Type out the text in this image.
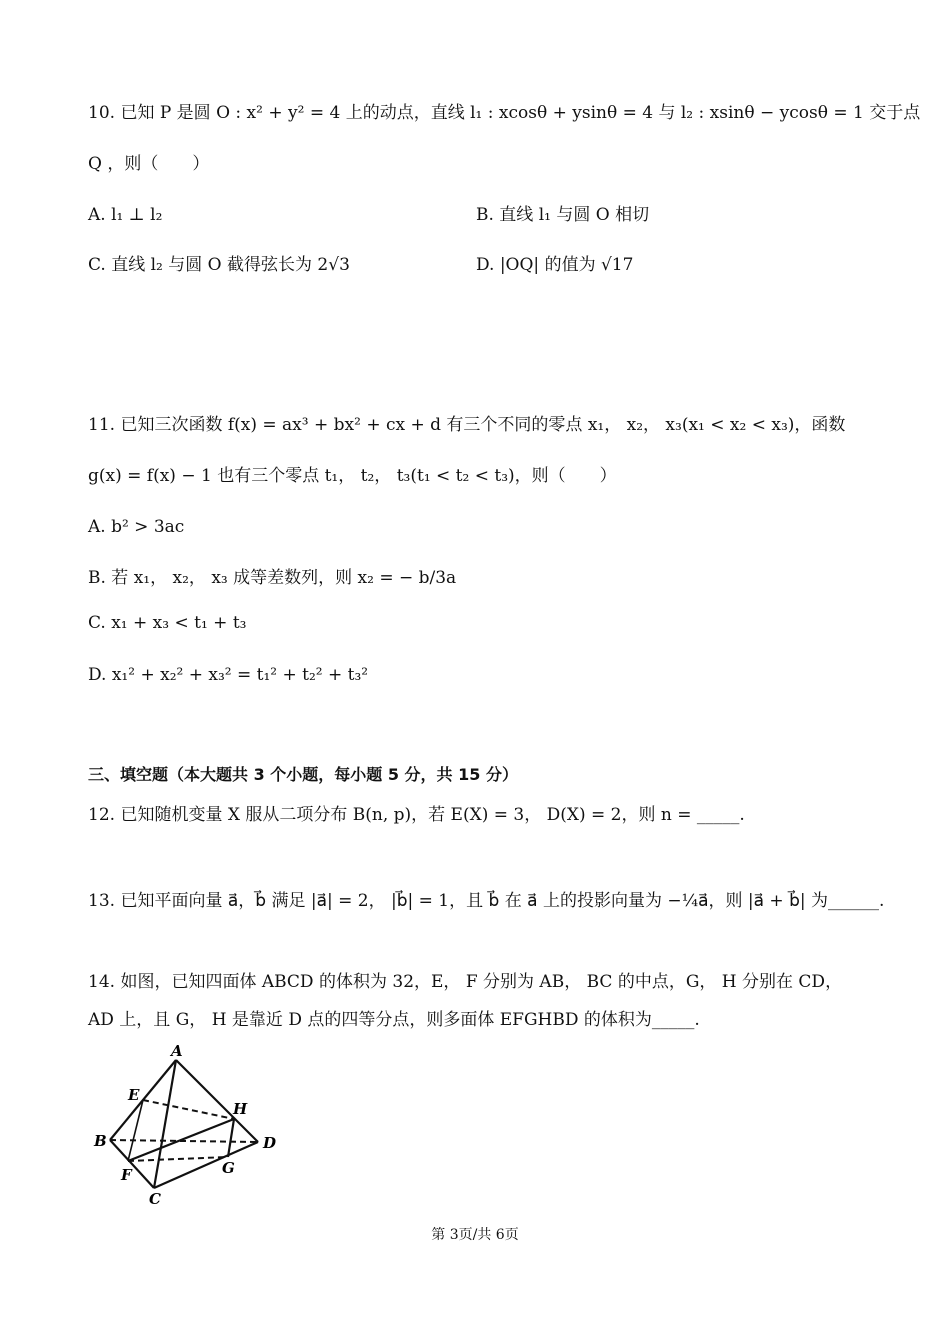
10. 已知 P 是圆 O : x² + y² = 4 上的动点，直线 l₁ : xcosθ + ysinθ = 4 与 l₂ : xsinθ − ycosθ = 1 交于点
Q ，则（　　）
A. l₁ ⊥ l₂	B. 直线 l₁ 与圆 O 相切
C. 直线 l₂ 与圆 O 截得弦长为 2√3	D. |OQ| 的值为 √17
11. 已知三次函数 f(x) = ax³ + bx² + cx + d 有三个不同的零点 x₁， x₂， x₃(x₁ < x₂ < x₃)，函数
g(x) = f(x) − 1 也有三个零点 t₁， t₂， t₃(t₁ < t₂ < t₃)，则（　　）
A. b² > 3ac
B. 若 x₁， x₂， x₃ 成等差数列，则 x₂ = − b/3a
C. x₁ + x₃ < t₁ + t₃
D. x₁² + x₂² + x₃² = t₁² + t₂² + t₃²
三、填空题（本大题共 3 个小题，每小题 5 分，共 15 分）
12. 已知随机变量 X 服从二项分布 B(n, p)，若 E(X) = 3， D(X) = 2，则 n = _____.
13. 已知平面向量 a⃗，b⃗ 满足 |a⃗| = 2， |b⃗| = 1，且 b⃗ 在 a⃗ 上的投影向量为 −¼a⃗，则 |a⃗ + b⃗| 为______.
14. 如图，已知四面体 ABCD 的体积为 32，E， F 分别为 AB， BC 的中点，G， H 分别在 CD，
AD 上，且 G， H 是靠近 D 点的四等分点，则多面体 EFGHBD 的体积为_____.
A
B
C
D
E
F	G
H
第 3页/共 6页
